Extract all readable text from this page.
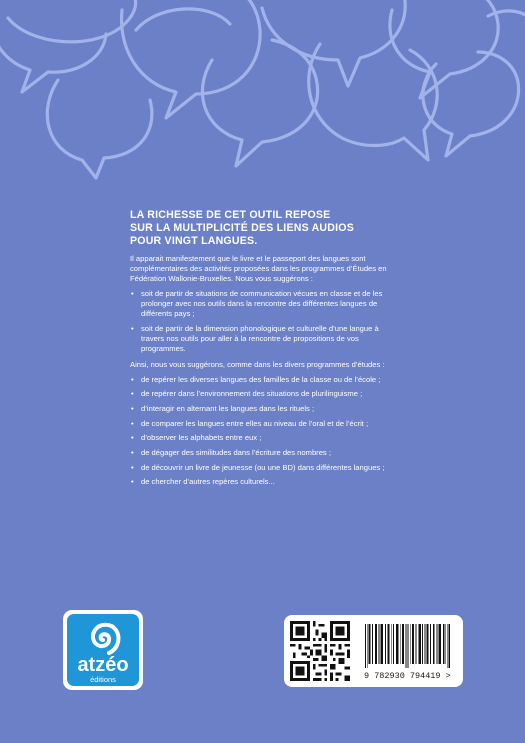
LA RICHESSE DE CET OUTIL REPOSE
SUR LA MULTIPLICITÉ DES LIENS AUDIOS
POUR VINGT LANGUES.

Il apparait manifestement que le livre et le passeport des langues sont complémentaires des activités proposées dans les programmes d’Études en Fédération Wallonie-Bruxelles. Nous vous suggérons :

• soit de partir de situations de communication vécues en classe et de les prolonger avec nos outils dans la rencontre des différentes langues de différents pays ;
• soit de partir de la dimension phonologique et culturelle d’une langue à travers nos outils pour aller à la rencontre de propositions de vos programmes.

Ainsi, nous vous suggérons, comme dans les divers programmes d’études :

• de repérer les diverses langues des familles de la classe ou de l’école ;
• de repérer dans l’environnement des situations de plurilinguisme ;
• d’interagir en alternant les langues dans les rituels ;
• de comparer les langues entre elles au niveau de l’oral et de l’écrit ;
• d’observer les alphabets entre eux ;
• de dégager des similitudes dans l’écriture des nombres ;
• de découvrir un livre de jeunesse (ou une BD) dans différentes langues ;
• de chercher d’autres repères culturels...
atzéo
éditions	9 782930 794419 >
